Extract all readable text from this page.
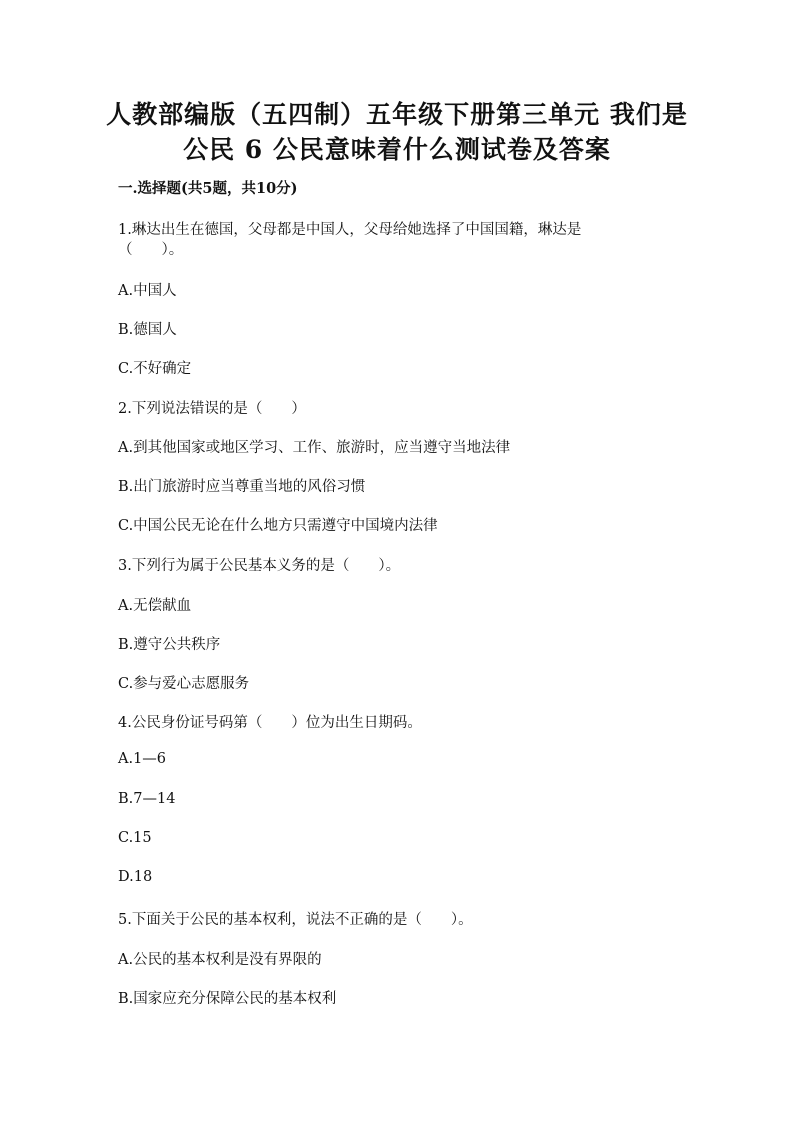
人教部编版（五四制）五年级下册第三单元 我们是
公民 6 公民意味着什么测试卷及答案
一.选择题(共5题，共10分)
1.琳达出生在德国，父母都是中国人，父母给她选择了中国国籍，琳达是
（　　）。
A.中国人
B.德国人
C.不好确定
2.下列说法错误的是（　　）
A.到其他国家或地区学习、工作、旅游时，应当遵守当地法律
B.出门旅游时应当尊重当地的风俗习惯
C.中国公民无论在什么地方只需遵守中国境内法律
3.下列行为属于公民基本义务的是（　　）。
A.无偿献血
B.遵守公共秩序
C.参与爱心志愿服务
4.公民身份证号码第（　　）位为出生日期码。
A.1—6
B.7—14
C.15
D.18
5.下面关于公民的基本权利，说法不正确的是（　　）。
A.公民的基本权利是没有界限的
B.国家应充分保障公民的基本权利
